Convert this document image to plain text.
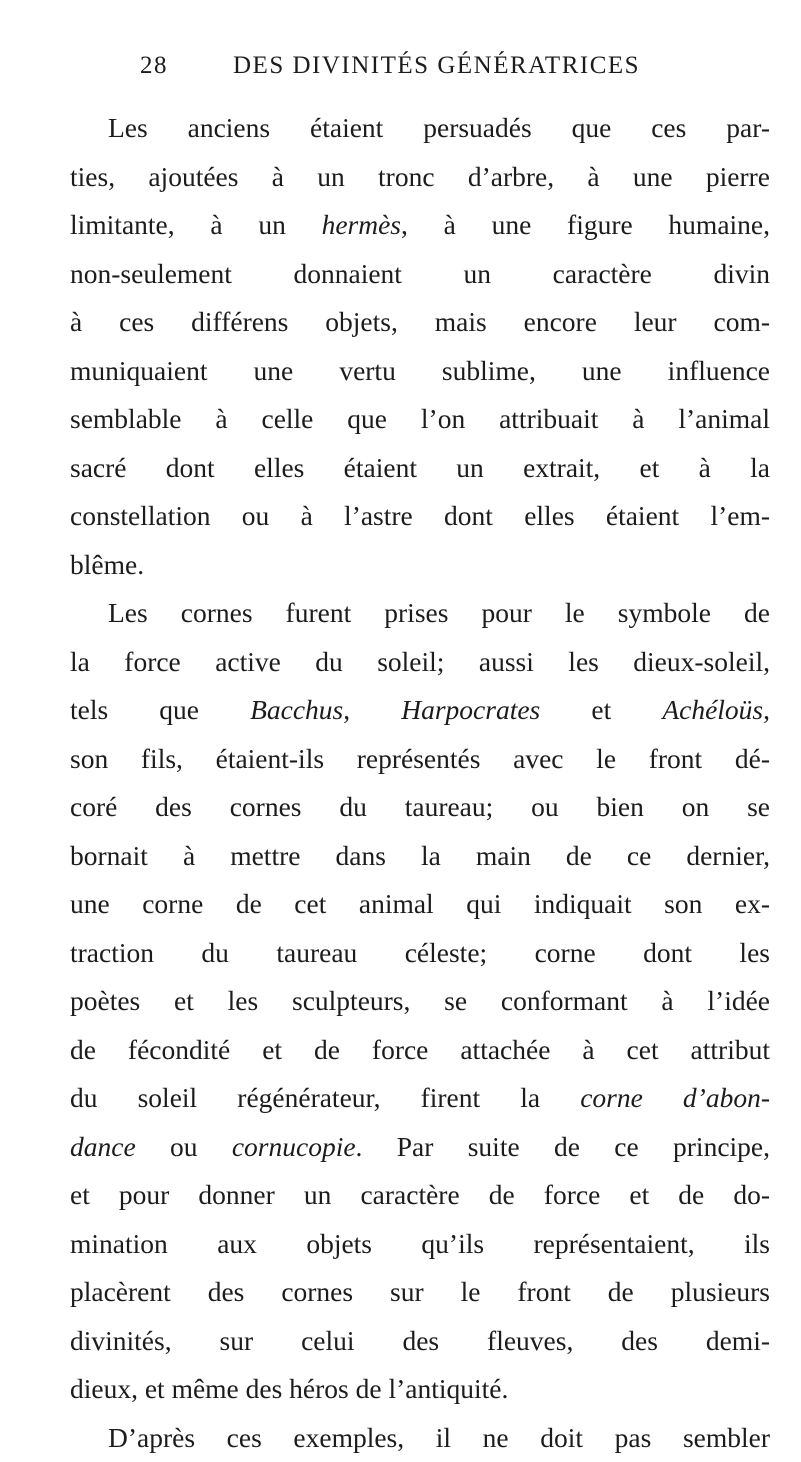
28	DES DIVINITÉS GÉNÉRATRICES
Les anciens étaient persuadés que ces par-
ties, ajoutées à un tronc d’arbre, à une pierre
limitante, à un hermès, à une figure humaine,
non-seulement donnaient un caractère divin
à ces différens objets, mais encore leur com-
muniquaient une vertu sublime, une influence
semblable à celle que l’on attribuait à l’animal
sacré dont elles étaient un extrait, et à la
constellation ou à l’astre dont elles étaient l’em-
blême.
Les cornes furent prises pour le symbole de
la force active du soleil; aussi les dieux-soleil,
tels que Bacchus, Harpocrates et Achéloüs,
son fils, étaient-ils représentés avec le front dé-
coré des cornes du taureau; ou bien on se
bornait à mettre dans la main de ce dernier,
une corne de cet animal qui indiquait son ex-
traction du taureau céleste; corne dont les
poètes et les sculpteurs, se conformant à l’idée
de fécondité et de force attachée à cet attribut
du soleil régénérateur, firent la corne d’abon-
dance ou cornucopie. Par suite de ce principe,
et pour donner un caractère de force et de do-
mination aux objets qu’ils représentaient, ils
placèrent des cornes sur le front de plusieurs
divinités, sur celui des fleuves, des demi-
dieux, et même des héros de l’antiquité.
D’après ces exemples, il ne doit pas sembler
